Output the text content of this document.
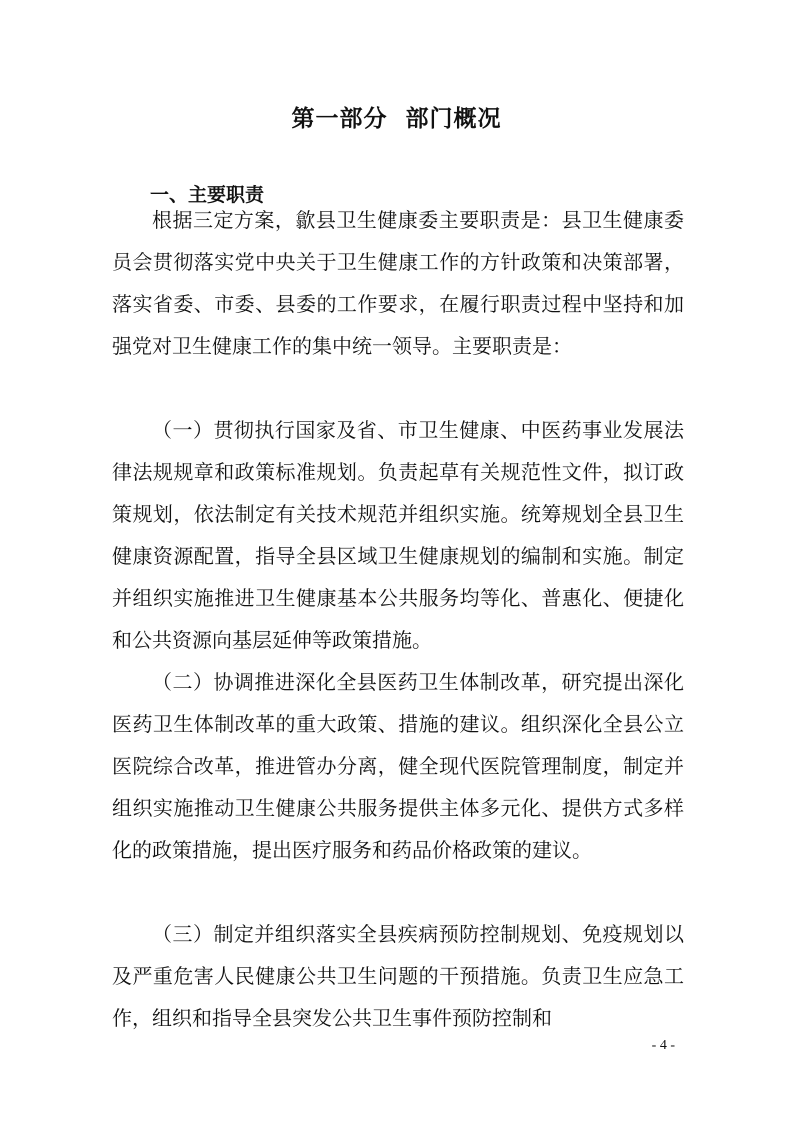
第一部分  部门概况
一、主要职责

根据三定方案，歙县卫生健康委主要职责是：县卫生健康委员会贯彻落实党中央关于卫生健康工作的方针政策和决策部署，落实省委、市委、县委的工作要求，在履行职责过程中坚持和加强党对卫生健康工作的集中统一领导。主要职责是：

（一）贯彻执行国家及省、市卫生健康、中医药事业发展法律法规规章和政策标准规划。负责起草有关规范性文件，拟订政策规划，依法制定有关技术规范并组织实施。统筹规划全县卫生健康资源配置，指导全县区域卫生健康规划的编制和实施。制定并组织实施推进卫生健康基本公共服务均等化、普惠化、便捷化和公共资源向基层延伸等政策措施。

（二）协调推进深化全县医药卫生体制改革，研究提出深化医药卫生体制改革的重大政策、措施的建议。组织深化全县公立医院综合改革，推进管办分离，健全现代医院管理制度，制定并组织实施推动卫生健康公共服务提供主体多元化、提供方式多样化的政策措施，提出医疗服务和药品价格政策的建议。

（三）制定并组织落实全县疾病预防控制规划、免疫规划以及严重危害人民健康公共卫生问题的干预措施。负责卫生应急工作，组织和指导全县突发公共卫生事件预防控制和

- 4 -
